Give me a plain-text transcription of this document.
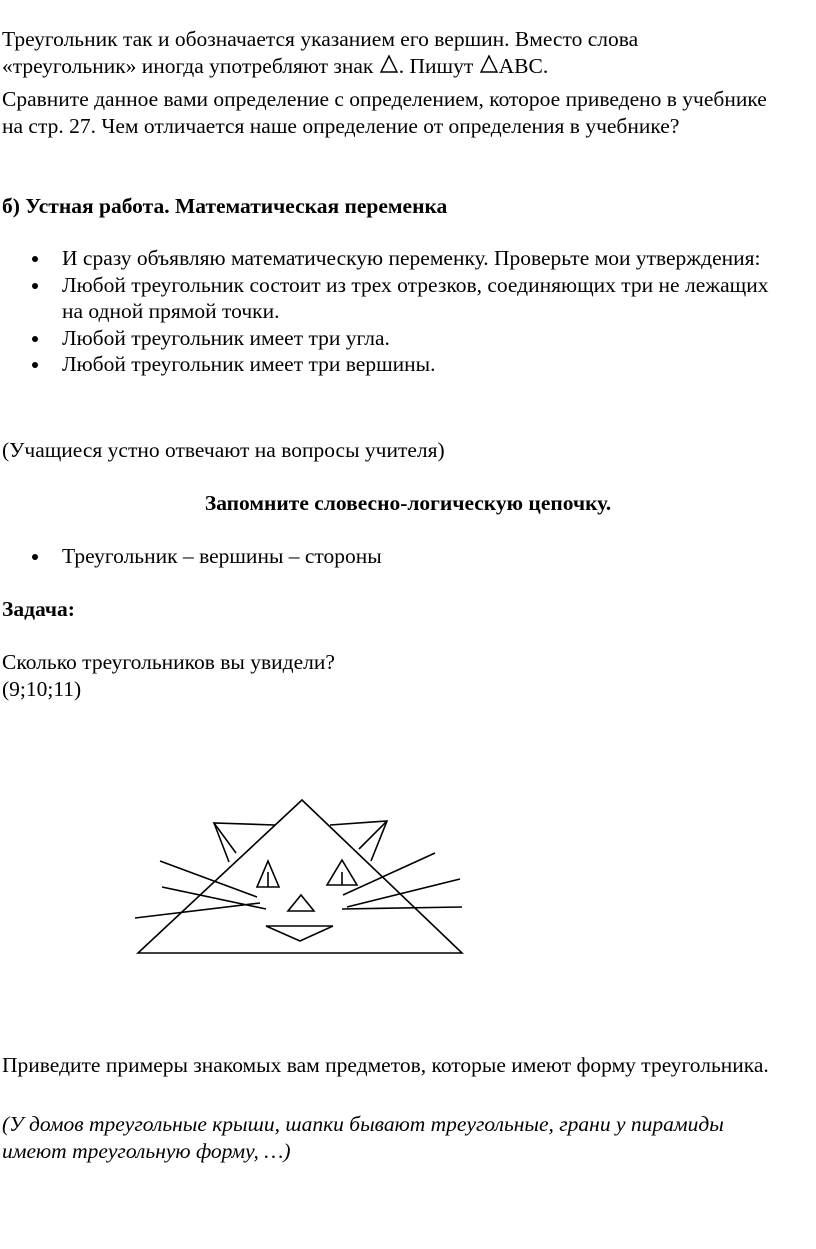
Треугольник так и обозначается указанием его вершин. Вместо слова

«треугольник» иногда употребляют знак . Пишут АВС.

Сравните данное вами определение с определением, которое приведено в учебнике на стр. 27. Чем отличается наше определение от определения в учебнике?

б) Устная работа. Математическая переменка

И сразу объявляю математическую переменку. Проверьте мои утверждения:
Любой треугольник состоит из трех отрезков, соединяющих три не лежащих на одной прямой точки.
Любой треугольник имеет три угла.
Любой треугольник имеет три вершины.

(Учащиеся устно отвечают на вопросы учителя)

Запомните словесно-логическую цепочку.

Треугольник – вершины – стороны

Задача:

Сколько треугольников вы увидели?

(9;10;11)

Приведите примеры знакомых вам предметов, которые имеют форму треугольника.

(У домов треугольные крыши, шапки бывают треугольные, грани у пирамиды имеют треугольную форму, …)
